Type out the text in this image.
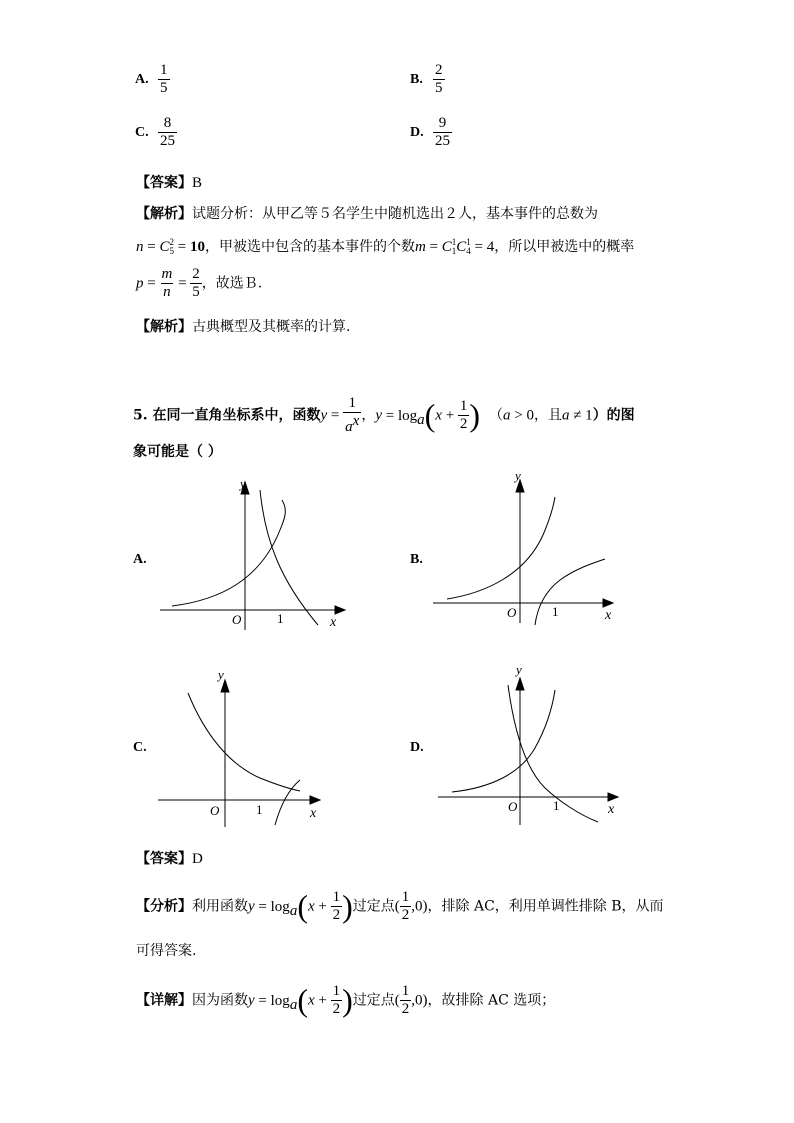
A. $\frac{1}{5}$	B. $\frac{2}{5}$
C. $\frac{8}{25}$	D. $\frac{9}{25}$
【答案】B
【解析】试题分析：从甲乙等５名学生中随机选出２人，基本事件的总数为
n = C 2
5 = 10，甲被选中包含的基本事件的个数m = C 1
1 C 1
4 = 4，所以甲被选中的概率
$p = \frac{m}{n} = \frac{2}{5}$ ，故选Ｂ.
【解析】古典概型及其概率的计算.
5. 在同一直角坐标系中，函数$y = \frac{1}{a^x}$ ，$y = \log_a(x + \frac{1}{2}$ ) （a > 0，且a ≠ 1）的图
象可能是（ ）
A.	B.
C.	D.
O	1	x
y
O	1	x
y
O	1	x
y
O	1	x
y
【答案】D
【分析】利用函数$y = \log_a(x + \frac{1}{2}$ )过定点( $\frac{1}{2} ,0$)，排除 AC，利用单调性排除 B，从而
可得答案.
【详解】因为函数$y = \log_a(x + \frac{1}{2}$ )过定点( $\frac{1}{2} ,0$)，故排除 AC 选项；
